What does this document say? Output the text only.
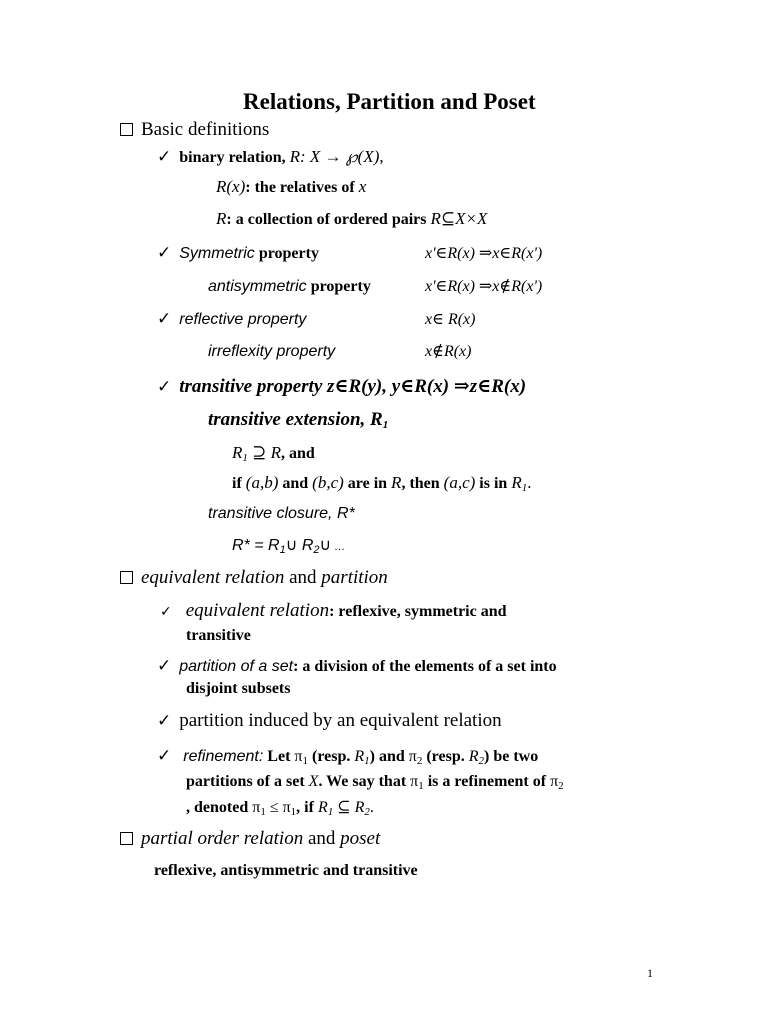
Relations, Partition and Poset
Basic definitions
✓ binary relation, R: X → ℘(X),
R(x): the relatives of x
R: a collection of ordered pairs R⊆X×X
✓ Symmetric property	x'∈R(x) ⇒x∈R(x')
antisymmetric property	x'∈R(x) ⇒x∉R(x')
✓ reflective property	x∈ R(x)
irreflexity property	x∉R(x)
✓ transitive property z∈R(y), y∈R(x) ⇒z∈R(x)
transitive extension, $R_1$
$R_1$ ⊇ R, and
if (a,b) and (b,c) are in R, then (a,c) is in $R_1$.
transitive closure, R*
$R* = R_1\cup$ $R_2\cup$ …
equivalent relation and partition
✓ equivalent relation: reflexive, symmetric and
transitive
✓ partition of a set: a division of the elements of a set into
disjoint subsets
✓ partition induced by an equivalent relation
✓ refinement: Let $\pi_1$ (resp. $R_1$) and $\pi_2$ (resp. $R_2$) be two
partitions of a set X. We say that $\pi_1$ is a refinement of $\pi_2$
, denoted $\pi_1 \le \pi_1$, if $R_1$ ⊆ $R_2$.
partial order relation and poset
reflexive, antisymmetric and transitive
1
